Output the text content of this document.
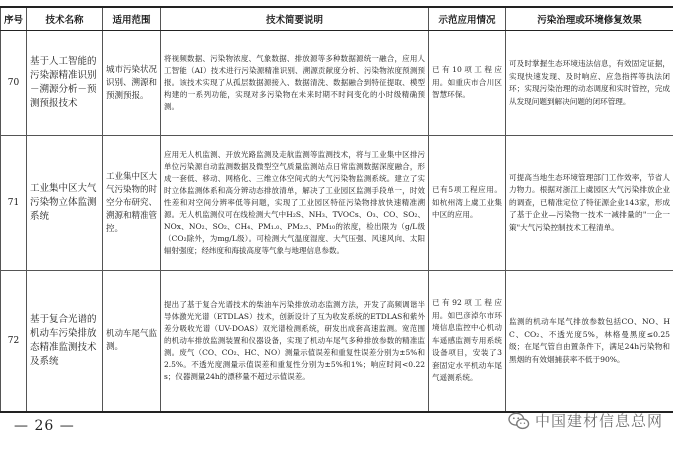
序号	技术名称	适用范围	技术简要说明	示范应用情况	污染治理或环境修复效果
70	基于人工智能的污染源精准识别－溯源分析－预测预报技术	城市污染状况识别、溯源和预测预报。	将视频数据、污染物浓度、气象数据、排放源等多种数据源统一融合，应用人工智能（AI）技术进行污染源精准识别、溯源贡献度分析、污染物浓度预测预报。该技术实现了从孤层数据源接入、数据清洗、数据融合到特征提取、模型构建的一系列功能，实现对多污染物在未来时期不时间变化的小时级精确预测。	已有10项工程应用。如重庆市合川区智慧环保。	可及时掌握生态环境违法信息，有效固定证据，实现快速发现、及时响应、应急指挥等执法闭环；实现污染治理的动态调度和实时管控，完成从发现问题到解决问题的闭环管理。
71	工业集中区大气污染物立体监测系统	工业集中区大气污染物的时空分布研究、溯源和精准管控。	应用无人机监测、开放光路监测及走航监测等监测技术，将与工业集中区排污单位污染源自动监测数据及微型空气质量监测站点日常监测数据深度融合，形成一套低、移动、网格化、三维立体空间式的大气污染物监测系统。建立了实时立体监测体系和高分辨动态排放清单，解决了工业园区监测手段单一，时效性差和对空间分辨率低等问题，实现了工业园区特征污染物排放快速精准溯源。无人机监测仪可在线检测大气中H₂S、NH₃、TVOCs、O₃、CO、SO₂、NOx、NO₂、SO₂、CH₄、PM₁.₀、PM₂.₅、PM₁₀的浓度，检出限为（g/L级（CO₂除外，为mg/L级）。可检测大气温度湿度、大气压强、风速风向、太阳辐射强度；经纬度和海拔高度等气象与地理信息参数。	已有5项工程应用。如杭州湾上虞工业集中区的应用。	可提高当地生态环境管理部门工作效率，节省人力物力。根据对浙江上虞园区大气污染排放企业的调查，已精准定位了特征源企业143家，形成了基于企业—污染物一技术一减排量的"一企一策"大气污染控制技术工程清单。
72	基于复合光谱的机动车污染排放态精准监测技术及系统	机动车尾气监测。	提出了基于复合光谱技术的柴油车污染排放动态监测方法，开发了高频调谐半导体激光光谱（ETDLAS）技术，创新设计了互为收发系统的ETDLAS和紫外差分吸收光谱（UV-DOAS）双光谱检测系统，研发出成套高速监测。宽范围的机动车排放监测装置和仪器设备，实现了机动车尾气多种排放参数的精准监测。废气（CO、CO₂、HC、NO）测量示值误差和重复性误差分别为±5%和2.5%。不透光度测量示值误差和重复性分别为±5%和1%；响应时间<0.22s；仪器测量24h的漂移量不超过示值误差。	已有92项工程应用。如巴彦淖尔市环境信息监控中心机动车遥感监测专用系统设备项目，安装了3套固定水平机动车尾气遥测系统。	监测的机动车尾气排放参数包括CO、NO、HC、CO₂、不透光度5%，林格曼黑度≤0.25级；在尾气管自由置条件下，满足24h污染物和黑烟的有效烟捕获率不低于90%。
— 26 —	中国建材信息总网
